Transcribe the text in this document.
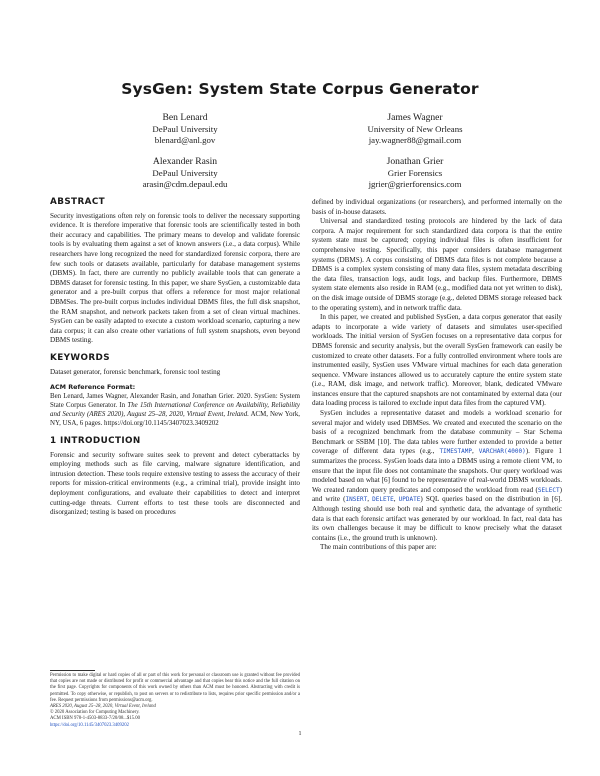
SysGen: System State Corpus Generator
Ben Lenard
DePaul University
blenard@anl.gov
James Wagner
University of New Orleans
jay.wagner88@gmail.com
Alexander Rasin
DePaul University
arasin@cdm.depaul.edu
Jonathan Grier
Grier Forensics
jgrier@grierforensics.com
ABSTRACT

Security investigations often rely on forensic tools to deliver the necessary supporting evidence. It is therefore imperative that forensic tools are scientifically tested in both their accuracy and capabilities. The primary means to develop and validate forensic tools is by evaluating them against a set of known answers (i.e., a data corpus). While researchers have long recognized the need for standardized forensic corpora, there are few such tools or datasets available, particularly for database management systems (DBMS). In fact, there are currently no publicly available tools that can generate a DBMS dataset for forensic testing. In this paper, we share SysGen, a customizable data generator and a pre-built corpus that offers a reference for most major relational DBMSes. The pre-built corpus includes individual DBMS files, the full disk snapshot, the RAM snapshot, and network packets taken from a set of clean virtual machines. SysGen can be easily adapted to execute a custom workload scenario, capturing a new data corpus; it can also create other variations of full system snapshots, even beyond DBMS testing.

KEYWORDS

Dataset generator, forensic benchmark, forensic tool testing

ACM Reference Format:
Ben Lenard, James Wagner, Alexander Rasin, and Jonathan Grier. 2020. SysGen: System State Corpus Generator. In The 15th International Conference on Availability, Reliability and Security (ARES 2020), August 25–28, 2020, Virtual Event, Ireland. ACM, New York, NY, USA, 6 pages. https://doi.org/10.1145/3407023.3409202
1 INTRODUCTION

Forensic and security software suites seek to prevent and detect cyberattacks by employing methods such as file carving, malware signature identification, and intrusion detection. These tools require extensive testing to assess the accuracy of their reports for mission-critical environments (e.g., a criminal trial), provide insight into deployment configurations, and evaluate their capabilities to detect and interpret cutting-edge threats. Current efforts to test these tools are disconnected and disorganized; testing is based on procedures

Permission to make digital or hard copies of all or part of this work for personal or classroom use is granted without fee provided that copies are not made or distributed for profit or commercial advantage and that copies bear this notice and the full citation on the first page. Copyrights for components of this work owned by others than ACM must be honored. Abstracting with credit is permitted. To copy otherwise, or republish, to post on servers or to redistribute to lists, requires prior specific permission and/or a fee. Request permissions from permissions@acm.org.

ARES 2020, August 25–28, 2020, Virtual Event, Ireland

© 2020 Association for Computing Machinery.

ACM ISBN 978-1-4503-8833-7/20/08...$15.00

https://doi.org/10.1145/3407023.3409202

defined by individual organizations (or researchers), and performed internally on the basis of in-house datasets.

Universal and standardized testing protocols are hindered by the lack of data corpora. A major requirement for such standardized data corpora is that the entire system state must be captured; copying individual files is often insufficient for comprehensive testing. Specifically, this paper considers database management systems (DBMS). A corpus consisting of DBMS data files is not complete because a DBMS is a complex system consisting of many data files, system metadata describing the data files, transaction logs, audit logs, and backup files. Furthermore, DBMS system state elements also reside in RAM (e.g., modified data not yet written to disk), on the disk image outside of DBMS storage (e.g., deleted DBMS storage released back to the operating system), and in network traffic data.

In this paper, we created and published SysGen, a data corpus generator that easily adapts to incorporate a wide variety of datasets and simulates user-specified workloads. The initial version of SysGen focuses on a representative data corpus for DBMS forensic and security analysis, but the overall SysGen framework can easily be customized to create other datasets. For a fully controlled environment where tools are instrumented easily, SysGen uses VMware virtual machines for each data generation sequence. VMware instances allowed us to accurately capture the entire system state (i.e., RAM, disk image, and network traffic). Moreover, blank, dedicated VMware instances ensure that the captured snapshots are not contaminated by external data (our data loading process is tailored to exclude input data files from the captured VM).

SysGen includes a representative dataset and models a workload scenario for several major and widely used DBMSes. We created and executed the scenario on the basis of a recognized benchmark from the database community – Star Schema Benchmark or SSBM [10]. The data tables were further extended to provide a better coverage of different data types (e.g., TIMESTAMP, VARCHAR(4000)). Figure 1 summarizes the process. SysGen loads data into a DBMS using a remote client VM, to ensure that the input file does not contaminate the snapshots. Our query workload was modeled based on what [6] found to be representative of real-world DBMS workloads. We created random query predicates and composed the workload from read (SELECT) and write (INSERT, DELETE, UPDATE) SQL queries based on the distribution in [6]. Although testing should use both real and synthetic data, the advantage of synthetic data is that each forensic artifact was generated by our workload. In fact, real data has its own challenges because it may be difficult to know precisely what the dataset contains (i.e., the ground truth is unknown).

The main contributions of this paper are:

1
